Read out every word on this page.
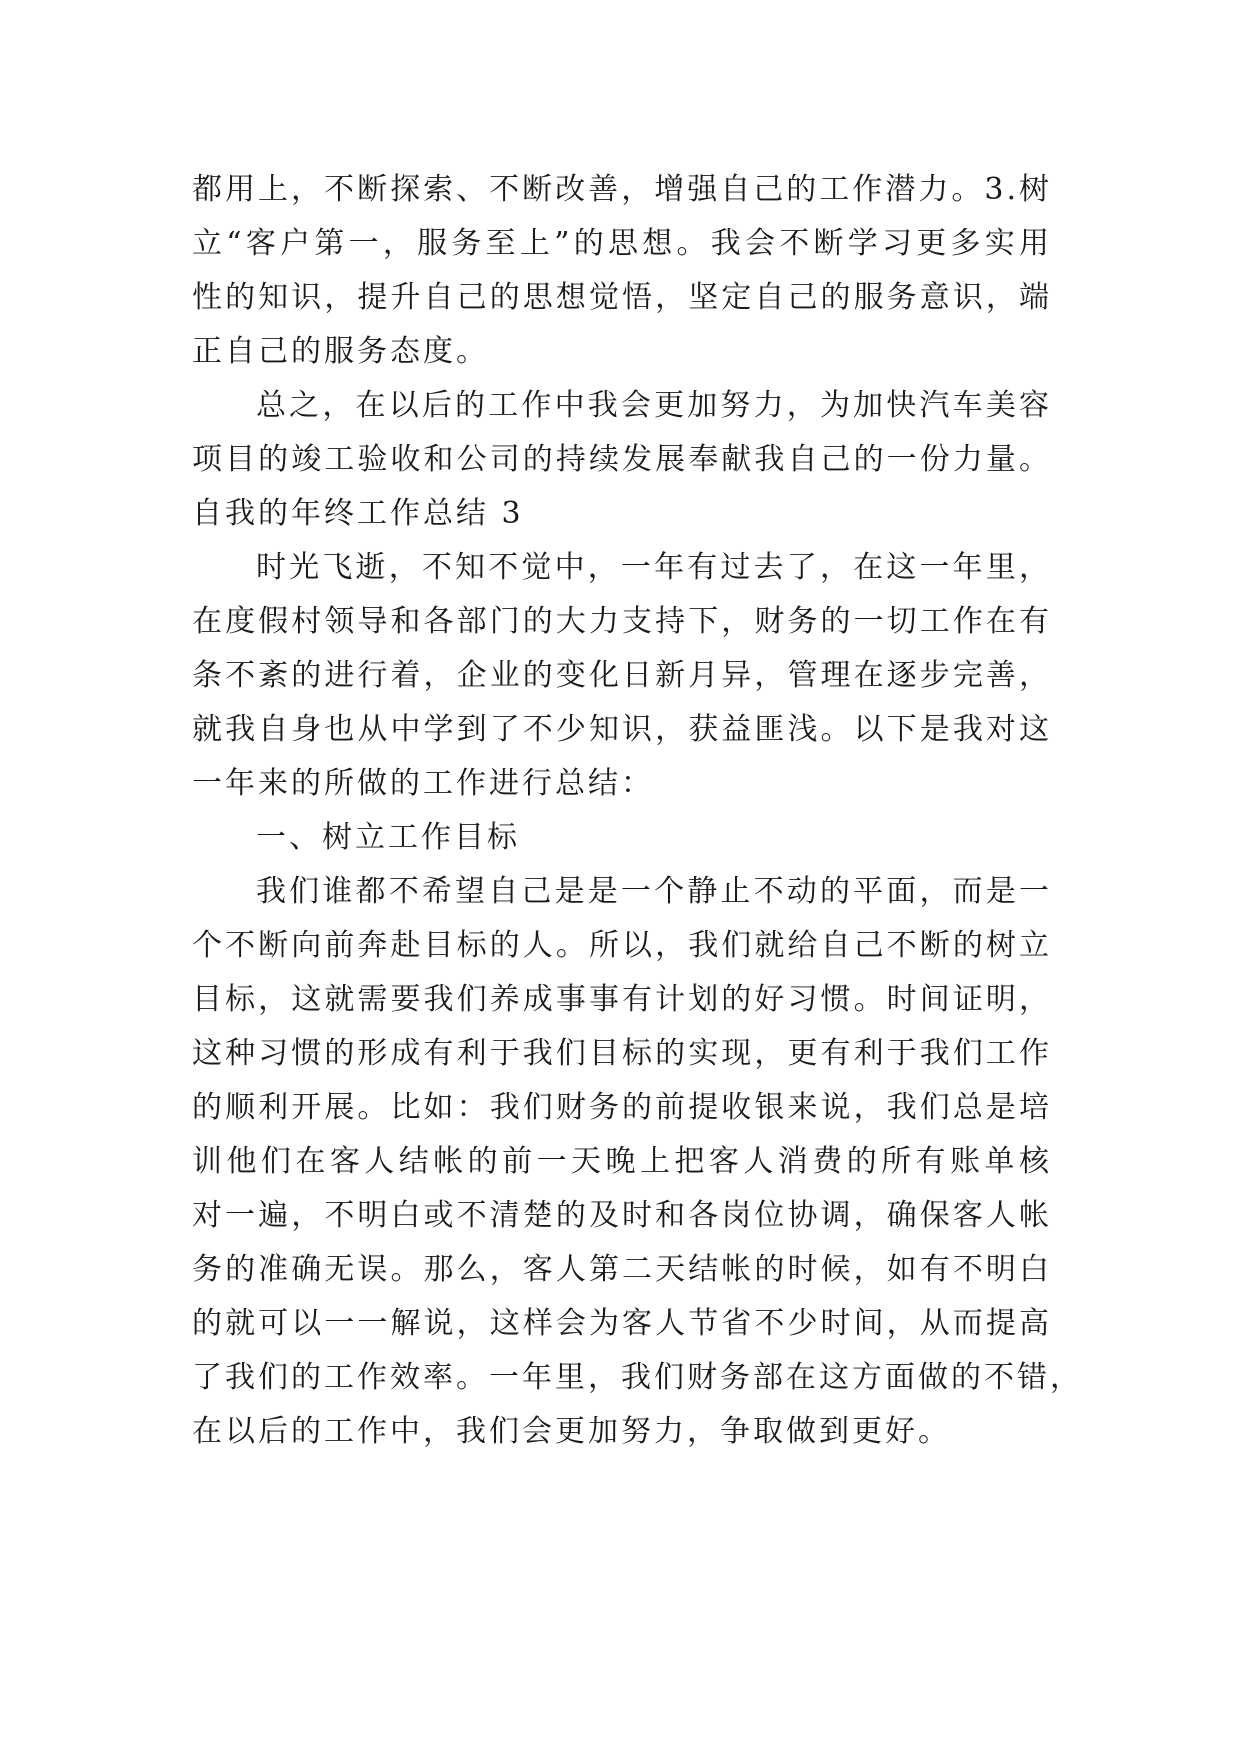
都用上，不断探索、不断改善，增强自己的工作潜力。3.树
立“客户第一，服务至上”的思想。我会不断学习更多实用
性的知识，提升自己的思想觉悟，坚定自己的服务意识，端
正自己的服务态度。
总之，在以后的工作中我会更加努力，为加快汽车美容
项目的竣工验收和公司的持续发展奉献我自己的一份力量。
自我的年终工作总结 3
时光飞逝，不知不觉中，一年有过去了，在这一年里，
在度假村领导和各部门的大力支持下，财务的一切工作在有
条不紊的进行着，企业的变化日新月异，管理在逐步完善，
就我自身也从中学到了不少知识，获益匪浅。以下是我对这
一年来的所做的工作进行总结：
一、树立工作目标
我们谁都不希望自己是是一个静止不动的平面，而是一
个不断向前奔赴目标的人。所以，我们就给自己不断的树立
目标，这就需要我们养成事事有计划的好习惯。时间证明，
这种习惯的形成有利于我们目标的实现，更有利于我们工作
的顺利开展。比如：我们财务的前提收银来说，我们总是培
训他们在客人结帐的前一天晚上把客人消费的所有账单核
对一遍，不明白或不清楚的及时和各岗位协调，确保客人帐
务的准确无误。那么，客人第二天结帐的时候，如有不明白
的就可以一一解说，这样会为客人节省不少时间，从而提高
了我们的工作效率。一年里，我们财务部在这方面做的不错，
在以后的工作中，我们会更加努力，争取做到更好。
